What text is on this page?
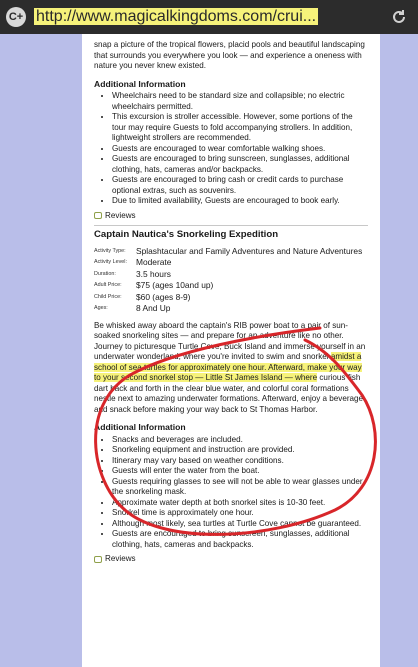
C+ http://www.magicalkingdoms.com/crui...

snap a picture of the tropical flowers, placid pools and beautiful landscaping that surrounds you everywhere you look — and experience a oneness with nature you never knew existed.

Additional Information
• Wheelchairs need to be standard size and collapsible; no electric wheelchairs permitted.
• This excursion is stroller accessible. However, some portions of the tour may require Guests to fold accompanying strollers. In addition, lightweight strollers are recommended.
• Guests are encouraged to wear comfortable walking shoes.
• Guests are encouraged to bring sunscreen, sunglasses, additional clothing, hats, cameras and/or backpacks.
• Guests are encouraged to bring cash or credit cards to purchase optional extras, such as souvenirs.
• Due to limited availability, Guests are encouraged to book early.
Reviews
Captain Nautica's Snorkeling Expedition
Activity Type:	Splashtacular and Family Adventures and Nature Adventures
Activity Level:	Moderate
Duration:	3.5 hours
Adult Price:	$75 (ages 10and up)
Child Price:	$60 (ages 8-9)
Ages:	8 And Up

Be whisked away aboard the captain's RIB power boat to a pair of sun-soaked snorkeling sites — and prepare for an adventure like no other. Journey to picturesque Turtle Cove, Buck Island and immerse yourself in an underwater wonderland, where you're invited to swim and snorkel amidst a school of sea turtles for approximately one hour. Afterward, make your way to your second snorkel stop — Little St James Island — where curious fish dart back and forth in the clear blue water, and colorful coral formations nestle next to amazing underwater formations. Afterward, enjoy a beverage and snack before making your way back to St Thomas Harbor.

Additional Information
• Snacks and beverages are included.
• Snorkeling equipment and instruction are provided.
• Itinerary may vary based on weather conditions.
• Guests will enter the water from the boat.
• Guests requiring glasses to see will not be able to wear glasses under the snorkeling mask.
• Approximate water depth at both snorkel sites is 10-30 feet.
• Snorkel time is approximately one hour.
• Although most likely, sea turtles at Turtle Cove cannot be guaranteed.
• Guests are encouraged to bring sunscreen, sunglasses, additional clothing, hats, cameras and backpacks.
Reviews
